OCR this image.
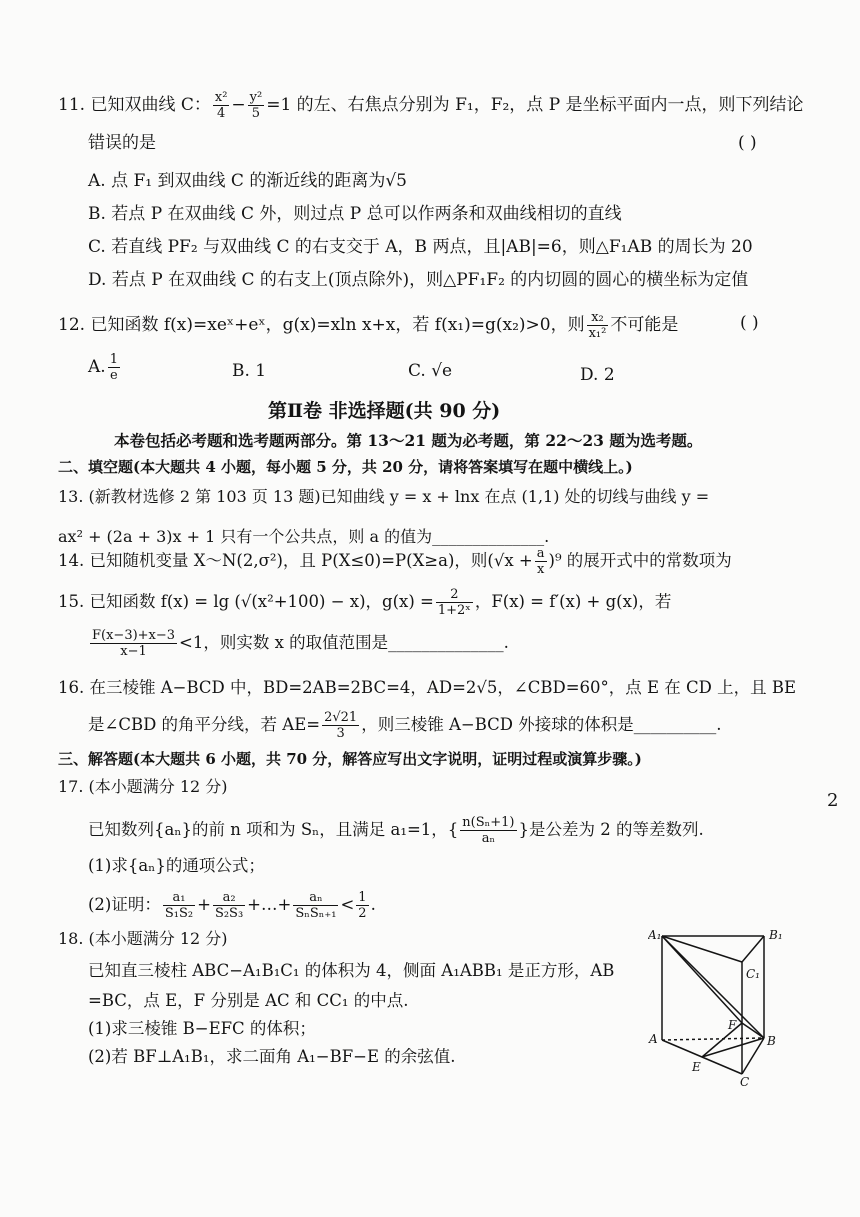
11. 已知双曲线 C： $\frac{\text{x²}}{4} - \frac{\text{y²}}{5} =1$ 的左、右焦点分别为 F₁，F₂，点 P 是坐标平面内一点，则下列结论
错误的是	( )
A. 点 F₁ 到双曲线 C 的渐近线的距离为√5
B. 若点 P 在双曲线 C 外，则过点 P 总可以作两条和双曲线相切的直线
C. 若直线 PF₂ 与双曲线 C 的右支交于 A，B 两点，且|AB|=6，则△F₁AB 的周长为 20
D. 若点 P 在双曲线 C 的右支上(顶点除外)，则△PF₁F₂ 的内切圆的圆心的横坐标为定值
12. 已知函数 f(x)=xeˣ+eˣ，g(x)=xln x+x，若 f(x₁)=g(x₂)>0，则 $\frac{\text{x₂}}{\text{x₁²}}$ 不可能是	( )
A. $\frac{1}{e}$	B. 1	C. √e	D. 2
第Ⅱ卷 非选择题(共 90 分)
本卷包括必考题和选考题两部分。第 13～21 题为必考题，第 22～23 题为选考题。
二、填空题(本大题共 4 小题，每小题 5 分，共 20 分，请将答案填写在题中横线上。)
13. (新教材选修 2 第 103 页 13 题)已知曲线 y = x + lnx 在点 (1,1) 处的切线与曲线 y =
ax² + (2a + 3)x + 1 只有一个公共点，则 a 的值为______________.
14. 已知随机变量 X～N(2,σ²)，且 P(X≤0)=P(X≥a)，则$(√x + \frac{a}{x} )^9$ 的展开式中的常数项为
15. 已知函数 f(x) = lg (√(x²+100) − x)，$g(x) = \frac{2}{\text{1+2ˣ}}$ ，F(x) = f′(x) + g(x)，若
$\frac{F(x-3)+x-3}{x-1} <1$，则实数 x 的取值范围是______________.
16. 在三棱锥 A−BCD 中，BD=2AB=2BC=4，AD=2√5，∠CBD=60°，点 E 在 CD 上，且 BE
是∠CBD 的角平分线，若 $AE= \frac{2√21}{3}$ ，则三棱锥 A−BCD 外接球的体积是__________.
三、解答题(本大题共 6 小题，共 70 分，解答应写出文字说明，证明过程或演算步骤。)
17. (本小题满分 12 分)
已知数列{aₙ}的前 n 项和为 Sₙ，且满足 a₁=1，{ $\frac{\text{n(Sₙ+1)}}{\text{aₙ}}$ }是公差为 2 的等差数列.
(1)求{aₙ}的通项公式；
(2)证明： $\frac{\text{a₁}}{\text{S₁S₂}} + \frac{\text{a₂}}{\text{S₂S₃}}$ +…+ $\frac{\text{aₙ}}{\text{SₙSₙ₊₁}} < \frac{1}{2}$ .
18. (本小题满分 12 分)
已知直三棱柱 ABC−A₁B₁C₁ 的体积为 4，侧面 A₁ABB₁ 是正方形，AB
=BC，点 E，F 分别是 AC 和 CC₁ 的中点.
(1)求三棱锥 B−EFC 的体积；
(2)若 BF⊥A₁B₁，求二面角 A₁−BF−E 的余弦值.
A₁	B₁
C₁
A	B
C
E
F
2
